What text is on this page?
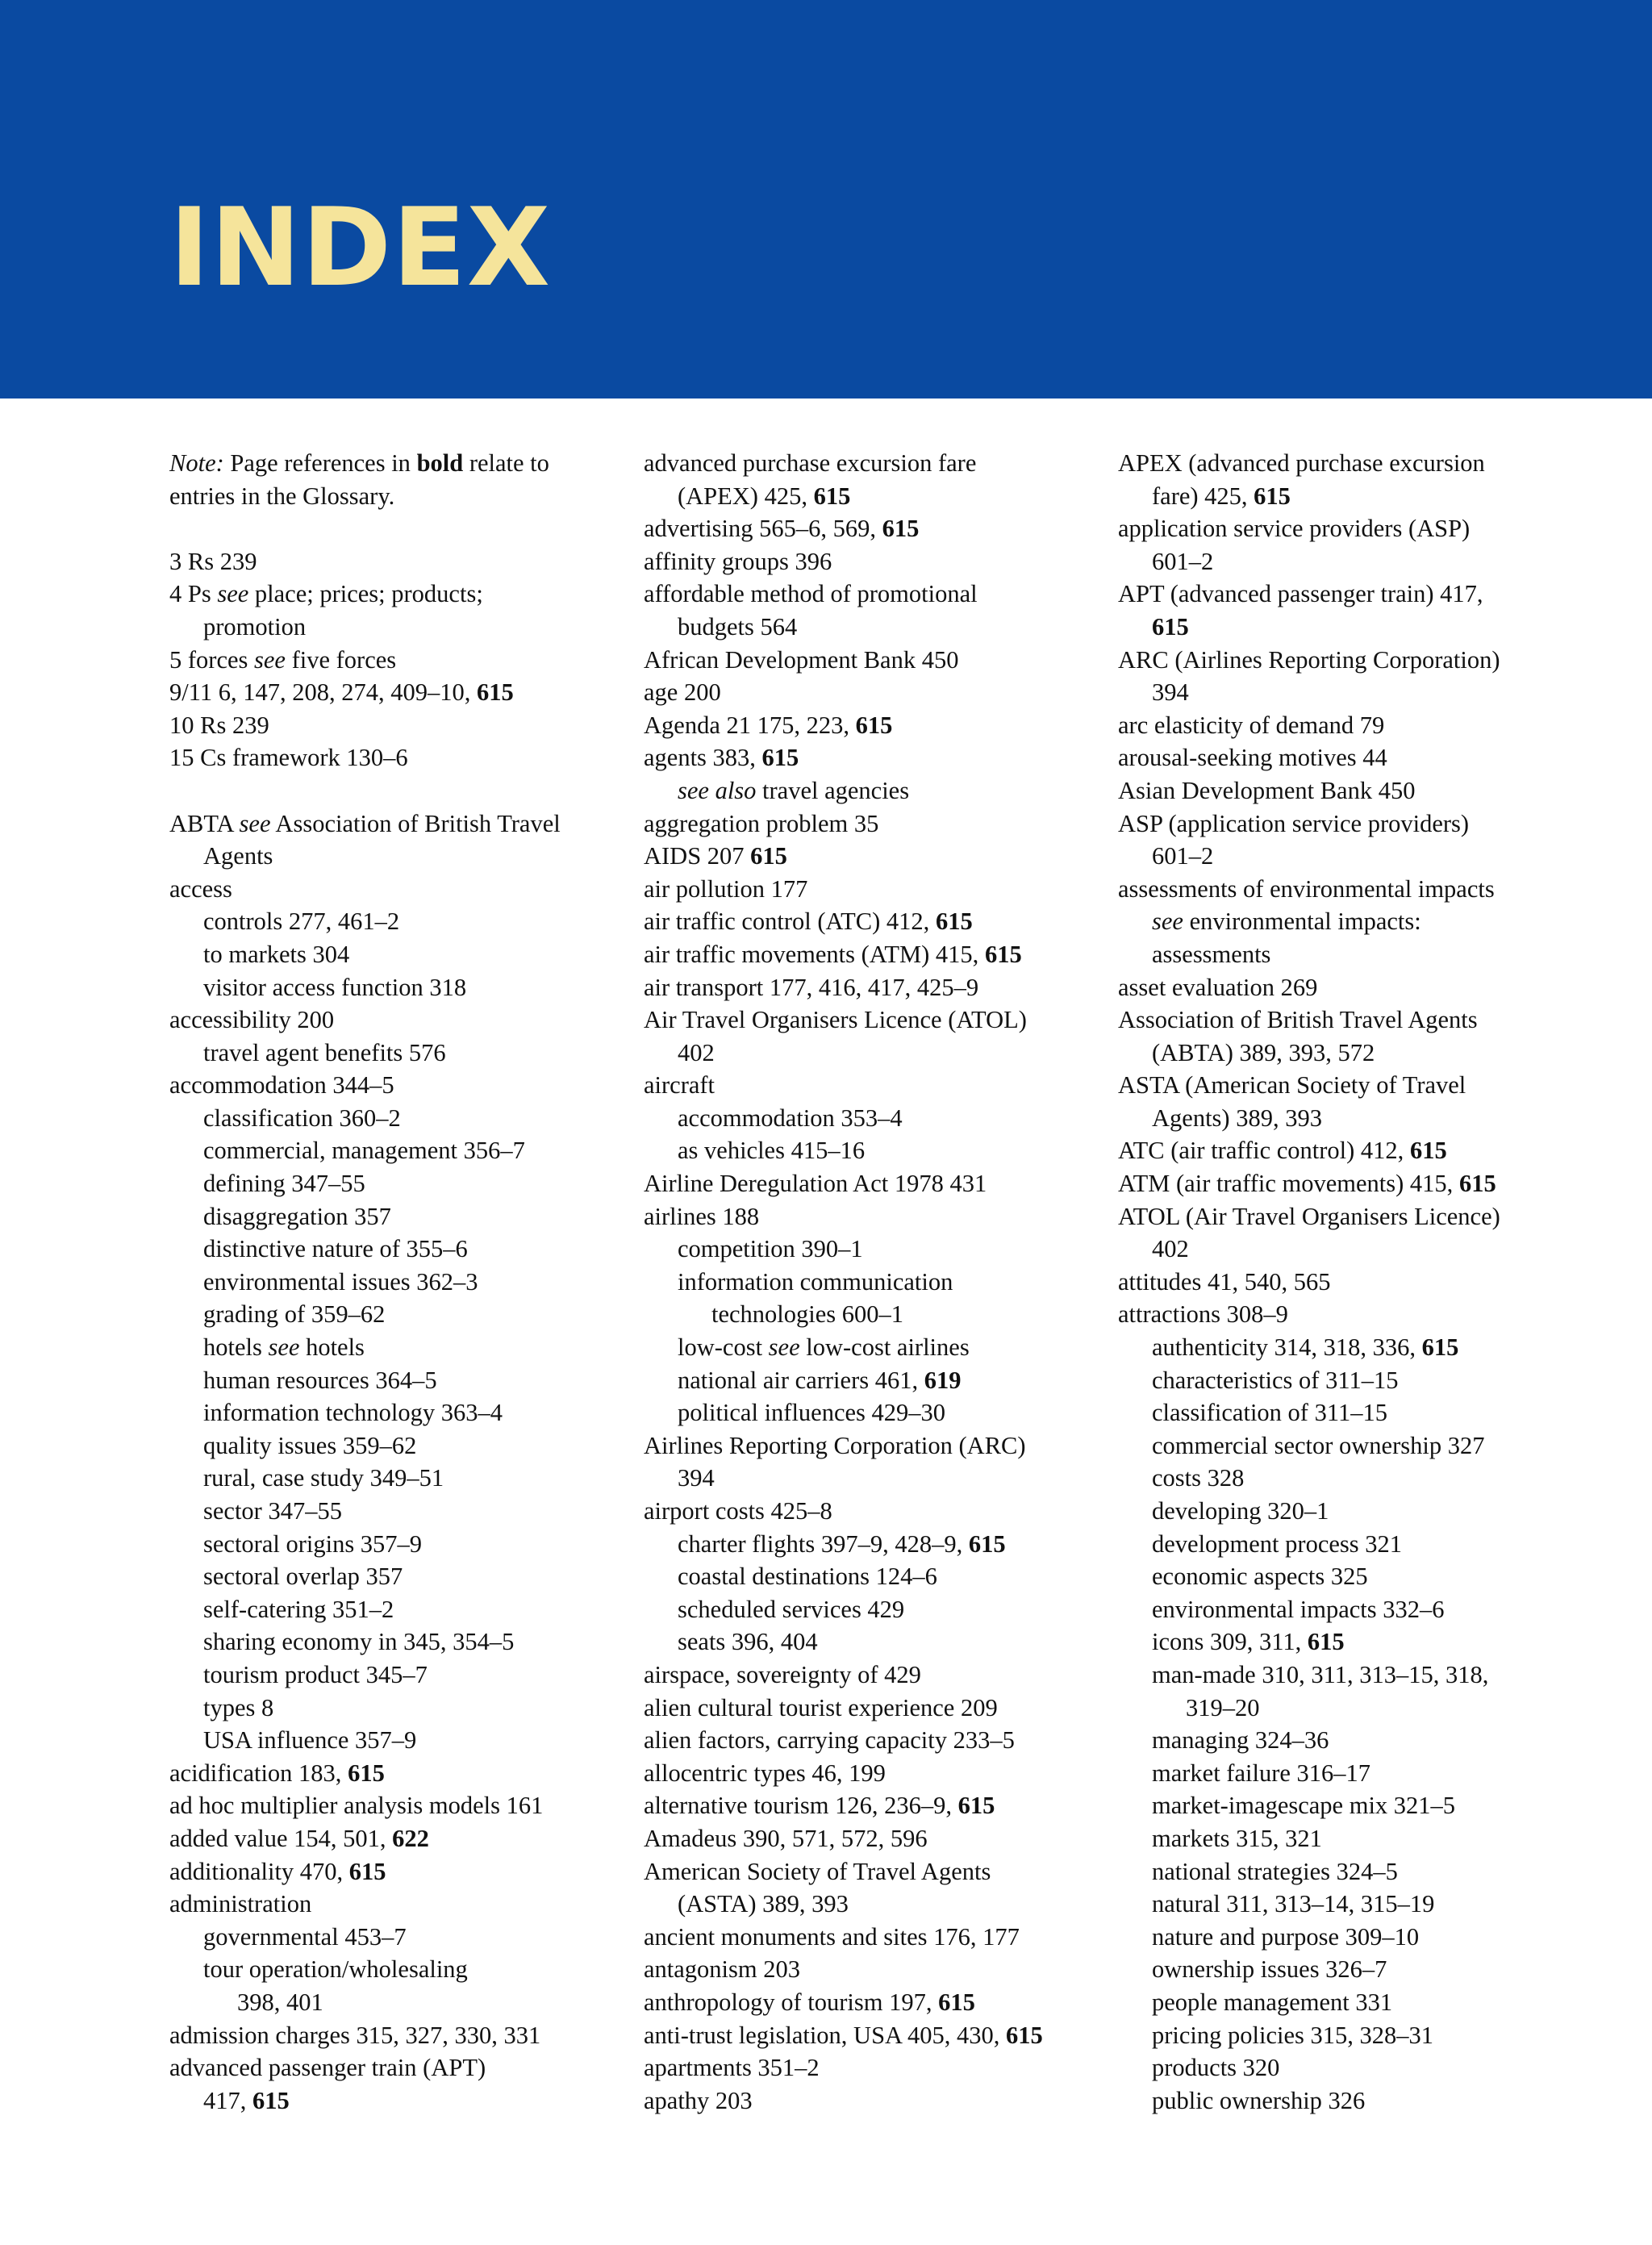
INDEX
Note: Page references in bold relate to
entries in the Glossary.
3 Rs 239
4 Ps see place; prices; products;
promotion
5 forces see five forces
9/11 6, 147, 208, 274, 409–10, 615
10 Rs 239
15 Cs framework 130–6
ABTA see Association of British Travel
Agents
access
controls 277, 461–2
to markets 304
visitor access function 318
accessibility 200
travel agent benefits 576
accommodation 344–5
classification 360–2
commercial, management 356–7
defining 347–55
disaggregation 357
distinctive nature of 355–6
environmental issues 362–3
grading of 359–62
hotels see hotels
human resources 364–5
information technology 363–4
quality issues 359–62
rural, case study 349–51
sector 347–55
sectoral origins 357–9
sectoral overlap 357
self-catering 351–2
sharing economy in 345, 354–5
tourism product 345–7
types 8
USA influence 357–9
acidification 183, 615
ad hoc multiplier analysis models 161
added value 154, 501, 622
additionality 470, 615
administration
governmental 453–7
tour operation/wholesaling
398, 401
admission charges 315, 327, 330, 331
advanced passenger train (APT)
417, 615
advanced purchase excursion fare
(APEX) 425, 615
advertising 565–6, 569, 615
affinity groups 396
affordable method of promotional
budgets 564
African Development Bank 450
age 200
Agenda 21 175, 223, 615
agents 383, 615
see also travel agencies
aggregation problem 35
AIDS 207 615
air pollution 177
air traffic control (ATC) 412, 615
air traffic movements (ATM) 415, 615
air transport 177, 416, 417, 425–9
Air Travel Organisers Licence (ATOL)
402
aircraft
accommodation 353–4
as vehicles 415–16
Airline Deregulation Act 1978 431
airlines 188
competition 390–1
information communication
technologies 600–1
low-cost see low-cost airlines
national air carriers 461, 619
political influences 429–30
Airlines Reporting Corporation (ARC)
394
airport costs 425–8
charter flights 397–9, 428–9, 615
coastal destinations 124–6
scheduled services 429
seats 396, 404
airspace, sovereignty of 429
alien cultural tourist experience 209
alien factors, carrying capacity 233–5
allocentric types 46, 199
alternative tourism 126, 236–9, 615
Amadeus 390, 571, 572, 596
American Society of Travel Agents
(ASTA) 389, 393
ancient monuments and sites 176, 177
antagonism 203
anthropology of tourism 197, 615
anti-trust legislation, USA 405, 430, 615
apartments 351–2
apathy 203
APEX (advanced purchase excursion
fare) 425, 615
application service providers (ASP)
601–2
APT (advanced passenger train) 417,
615
ARC (Airlines Reporting Corporation)
394
arc elasticity of demand 79
arousal-seeking motives 44
Asian Development Bank 450
ASP (application service providers)
601–2
assessments of environmental impacts
see environmental impacts:
assessments
asset evaluation 269
Association of British Travel Agents
(ABTA) 389, 393, 572
ASTA (American Society of Travel
Agents) 389, 393
ATC (air traffic control) 412, 615
ATM (air traffic movements) 415, 615
ATOL (Air Travel Organisers Licence)
402
attitudes 41, 540, 565
attractions 308–9
authenticity 314, 318, 336, 615
characteristics of 311–15
classification of 311–15
commercial sector ownership 327
costs 328
developing 320–1
development process 321
economic aspects 325
environmental impacts 332–6
icons 309, 311, 615
man-made 310, 311, 313–15, 318,
319–20
managing 324–36
market failure 316–17
market-imagescape mix 321–5
markets 315, 321
national strategies 324–5
natural 311, 313–14, 315–19
nature and purpose 309–10
ownership issues 326–7
people management 331
pricing policies 315, 328–31
products 320
public ownership 326
